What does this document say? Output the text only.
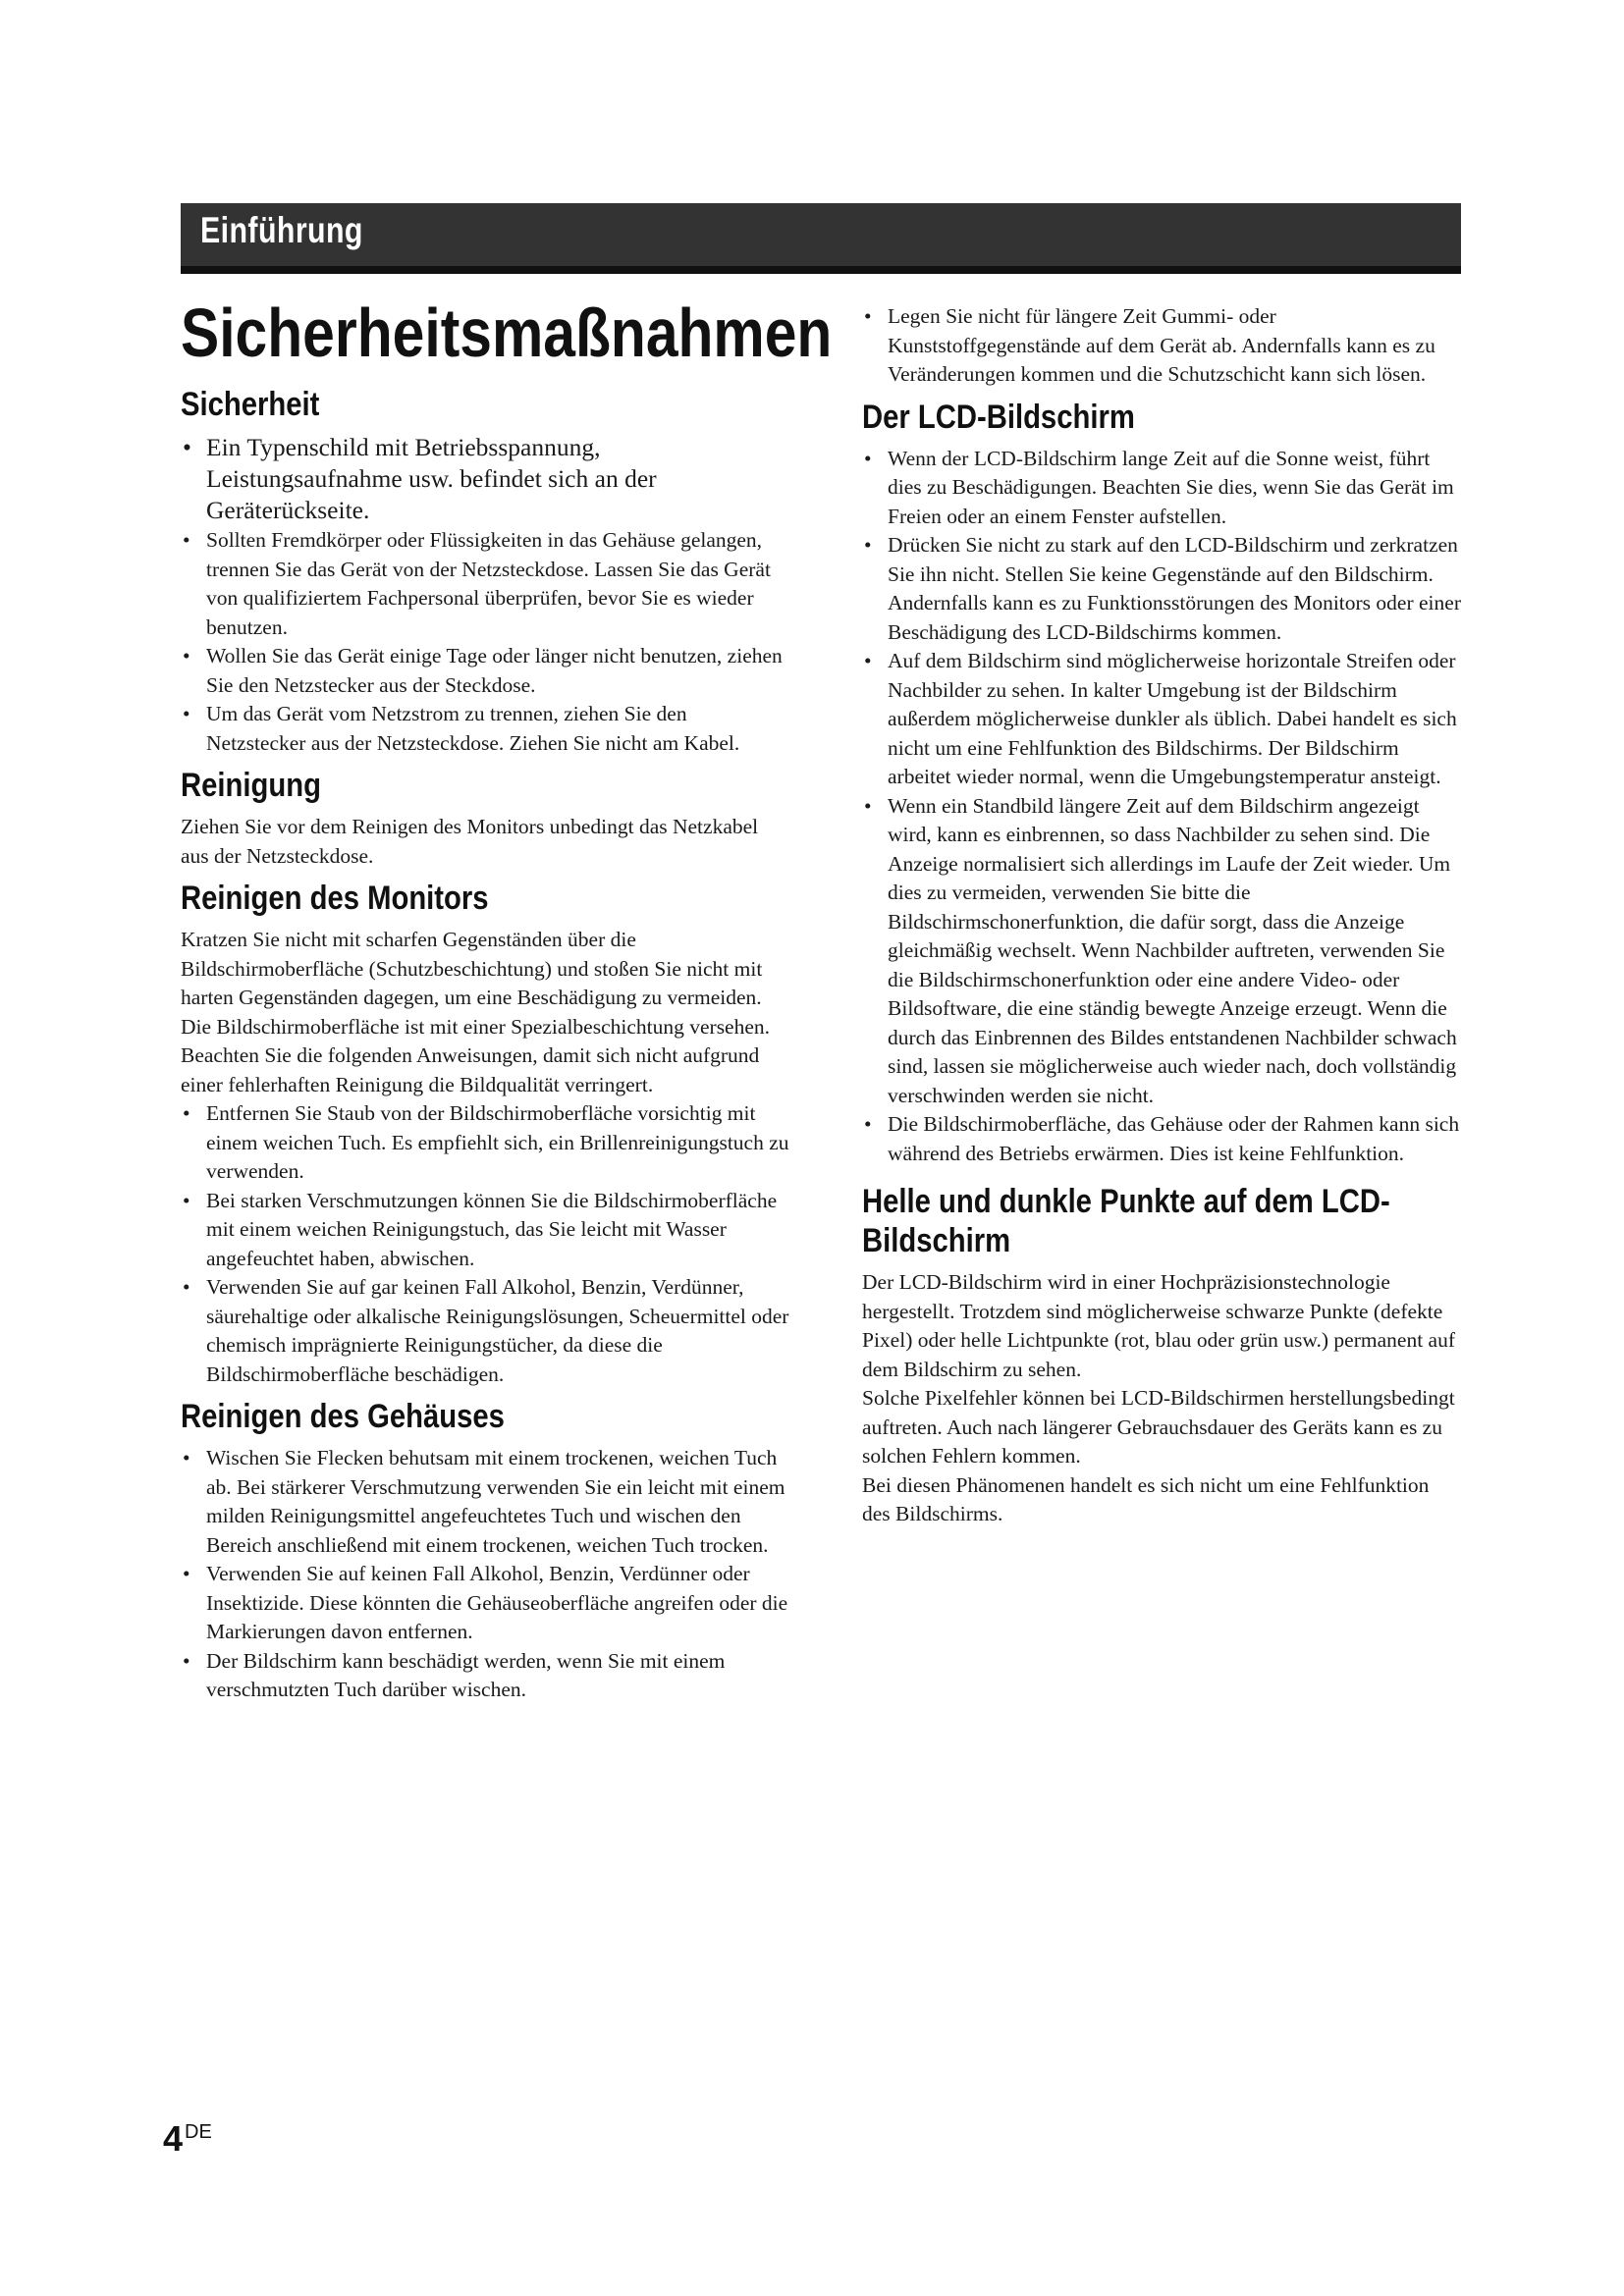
Einführung
Sicherheitsmaßnahmen
Sicherheit
• Ein Typenschild mit Betriebsspannung, Leistungsaufnahme usw. befindet sich an der Geräterückseite.
• Sollten Fremdkörper oder Flüssigkeiten in das Gehäuse gelangen, trennen Sie das Gerät von der Netzsteckdose. Lassen Sie das Gerät von qualifiziertem Fachpersonal überprüfen, bevor Sie es wieder benutzen.
• Wollen Sie das Gerät einige Tage oder länger nicht benutzen, ziehen Sie den Netzstecker aus der Steckdose.
• Um das Gerät vom Netzstrom zu trennen, ziehen Sie den Netzstecker aus der Netzsteckdose. Ziehen Sie nicht am Kabel.
Reinigung

Ziehen Sie vor dem Reinigen des Monitors unbedingt das Netzkabel aus der Netzsteckdose.

Reinigen des Monitors

Kratzen Sie nicht mit scharfen Gegenständen über die Bildschirmoberfläche (Schutzbeschichtung) und stoßen Sie nicht mit harten Gegenständen dagegen, um eine Beschädigung zu vermeiden.

Die Bildschirmoberfläche ist mit einer Spezialbeschichtung versehen.

Beachten Sie die folgenden Anweisungen, damit sich nicht aufgrund einer fehlerhaften Reinigung die Bildqualität verringert.

• Entfernen Sie Staub von der Bildschirmoberfläche vorsichtig mit einem weichen Tuch. Es empfiehlt sich, ein Brillenreinigungstuch zu verwenden.
• Bei starken Verschmutzungen können Sie die Bildschirmoberfläche mit einem weichen Reinigungstuch, das Sie leicht mit Wasser angefeuchtet haben, abwischen.
• Verwenden Sie auf gar keinen Fall Alkohol, Benzin, Verdünner, säurehaltige oder alkalische Reinigungslösungen, Scheuermittel oder chemisch imprägnierte Reinigungstücher, da diese die Bildschirmoberfläche beschädigen.
Reinigen des Gehäuses
• Wischen Sie Flecken behutsam mit einem trockenen, weichen Tuch ab. Bei stärkerer Verschmutzung verwenden Sie ein leicht mit einem milden Reinigungsmittel angefeuchtetes Tuch und wischen den Bereich anschließend mit einem trockenen, weichen Tuch trocken.
• Verwenden Sie auf keinen Fall Alkohol, Benzin, Verdünner oder Insektizide. Diese könnten die Gehäuseoberfläche angreifen oder die Markierungen davon entfernen.
• Der Bildschirm kann beschädigt werden, wenn Sie mit einem verschmutzten Tuch darüber wischen.
• Legen Sie nicht für längere Zeit Gummi- oder Kunststoffgegenstände auf dem Gerät ab. Andernfalls kann es zu Veränderungen kommen und die Schutzschicht kann sich lösen.
Der LCD-Bildschirm
• Wenn der LCD-Bildschirm lange Zeit auf die Sonne weist, führt dies zu Beschädigungen. Beachten Sie dies, wenn Sie das Gerät im Freien oder an einem Fenster aufstellen.
• Drücken Sie nicht zu stark auf den LCD-Bildschirm und zerkratzen Sie ihn nicht. Stellen Sie keine Gegenstände auf den Bildschirm. Andernfalls kann es zu Funktionsstörungen des Monitors oder einer Beschädigung des LCD-Bildschirms kommen.
• Auf dem Bildschirm sind möglicherweise horizontale Streifen oder Nachbilder zu sehen. In kalter Umgebung ist der Bildschirm außerdem möglicherweise dunkler als üblich. Dabei handelt es sich nicht um eine Fehlfunktion des Bildschirms. Der Bildschirm arbeitet wieder normal, wenn die Umgebungstemperatur ansteigt.
• Wenn ein Standbild längere Zeit auf dem Bildschirm angezeigt wird, kann es einbrennen, so dass Nachbilder zu sehen sind. Die Anzeige normalisiert sich allerdings im Laufe der Zeit wieder. Um dies zu vermeiden, verwenden Sie bitte die Bildschirmschonerfunktion, die dafür sorgt, dass die Anzeige gleichmäßig wechselt. Wenn Nachbilder auftreten, verwenden Sie die Bildschirmschonerfunktion oder eine andere Video- oder Bildsoftware, die eine ständig bewegte Anzeige erzeugt. Wenn die durch das Einbrennen des Bildes entstandenen Nachbilder schwach sind, lassen sie möglicherweise auch wieder nach, doch vollständig verschwinden werden sie nicht.
• Die Bildschirmoberfläche, das Gehäuse oder der Rahmen kann sich während des Betriebs erwärmen. Dies ist keine Fehlfunktion.
Helle und dunkle Punkte auf dem LCD-Bildschirm

Der LCD-Bildschirm wird in einer Hochpräzisionstechnologie hergestellt. Trotzdem sind möglicherweise schwarze Punkte (defekte Pixel) oder helle Lichtpunkte (rot, blau oder grün usw.) permanent auf dem Bildschirm zu sehen.

Solche Pixelfehler können bei LCD-Bildschirmen herstellungsbedingt auftreten. Auch nach längerer Gebrauchsdauer des Geräts kann es zu solchen Fehlern kommen.

Bei diesen Phänomenen handelt es sich nicht um eine Fehlfunktion des Bildschirms.

4 DE
